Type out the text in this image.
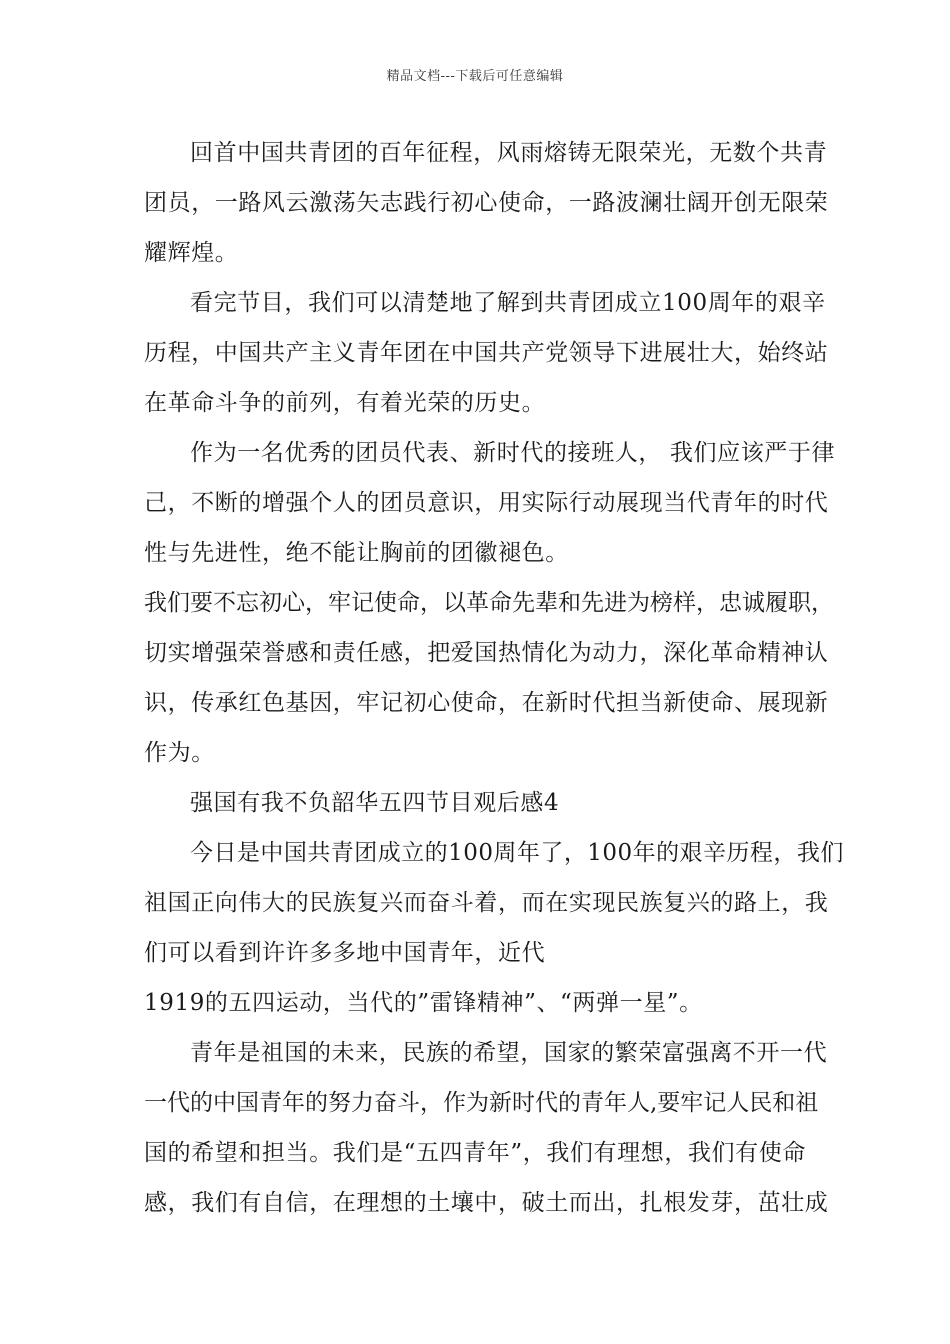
精品文档---下载后可任意编辑
回首中国共青团的百年征程，风雨熔铸无限荣光，无数个共青
团员，一路风云激荡矢志践行初心使命，一路波澜壮阔开创无限荣
耀辉煌。
看完节目，我们可以清楚地了解到共青团成立100周年的艰辛
历程，中国共产主义青年团在中国共产党领导下进展壮大，始终站
在革命斗争的前列，有着光荣的历史。
作为一名优秀的团员代表、新时代的接班人， 我们应该严于律
己，不断的增强个人的团员意识，用实际行动展现当代青年的时代
性与先进性，绝不能让胸前的团徽褪色。
我们要不忘初心，牢记使命，以革命先辈和先进为榜样，忠诚履职，
切实增强荣誉感和责任感，把爱国热情化为动力，深化革命精神认
识，传承红色基因，牢记初心使命，在新时代担当新使命、展现新
作为。
强国有我不负韶华五四节目观后感4
今日是中国共青团成立的100周年了，100年的艰辛历程，我们
祖国正向伟大的民族复兴而奋斗着，而在实现民族复兴的路上，我
们可以看到许许多多地中国青年，近代
1919的五四运动，当代的”雷锋精神”、“两弹一星”。
青年是祖国的未来，民族的希望，国家的繁荣富强离不开一代
一代的中国青年的努力奋斗，作为新时代的青年人,要牢记人民和祖
国的希望和担当。我们是“五四青年”，我们有理想，我们有使命
感，我们有自信，在理想的土壤中，破土而出，扎根发芽，茁壮成
